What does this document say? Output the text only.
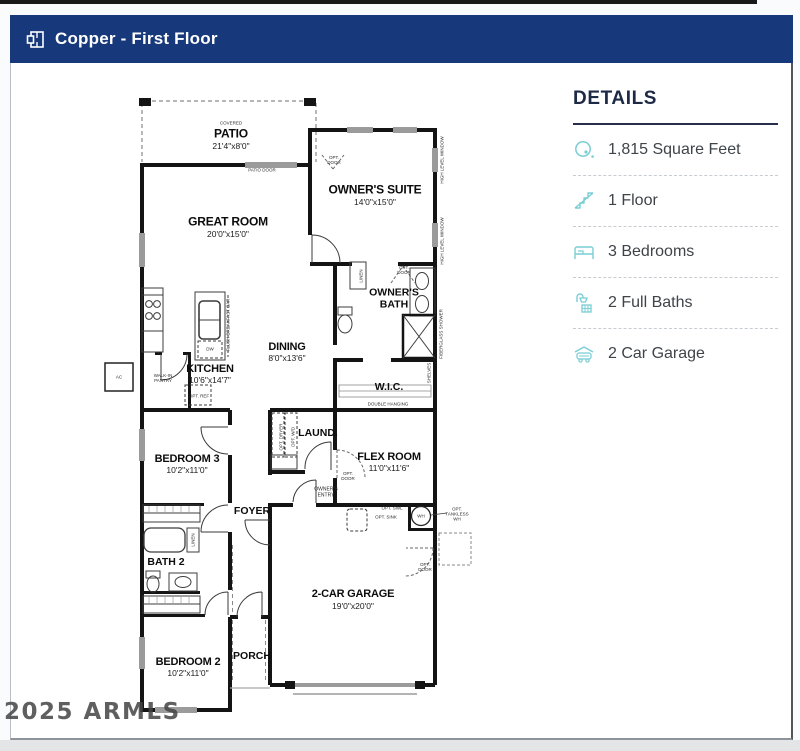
Copper - First Floor
DETAILS
1,815 Square Feet
1 Floor
3 Bedrooms
2 Full Baths
2 Car Garage
COVERED
PATIO
21'4"x8'0"
PATIO DOOR
GREAT ROOM
20'0"x15'0"
OWNER'S SUITE
14'0"x15'0"
DINING
8'0"x13'6"
KITCHEN
10'6"x14'7"
OWNER'S BATH
W.I.C.
DOUBLE HANGING
SHELVES
LINEN
LINEN
LAUND.
FLEX ROOM
11'0"x11'6"
FOYER
OWNER'S ENTRY
BEDROOM 3
10'2"x11'0"
BATH 2
BEDROOM 2
10'2"x11'0"
PORCH
2-CAR GARAGE
19'0"x20'0"
WALK-IN PANTRY
OPT. REF
OPT. DOOR
OPT. DOOR
OPT. DOOR
OPT. DOOR
OPT. SINK
OPT. TANKLESS WH
WH
DW	FLUSH BREAKFAST BAR
AC
FIBERGLASS SHOWER
HIGH LEVEL WINDOW
HIGH LEVEL WINDOW
OPT. DRYER OPT. W/D
OPT. SWL
2025 ARMLS
